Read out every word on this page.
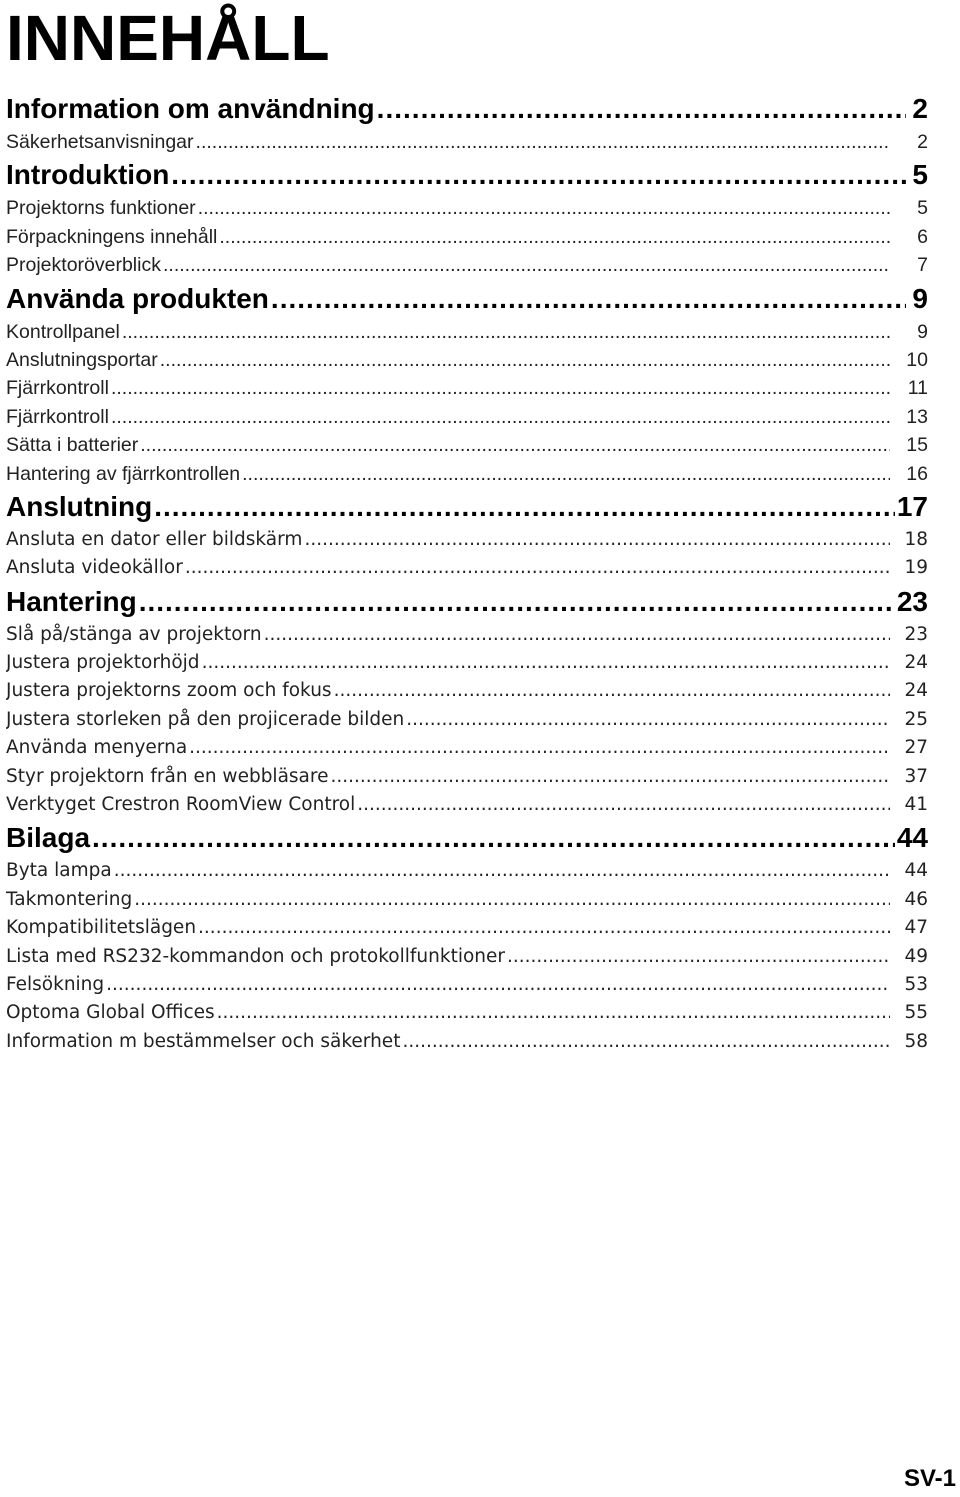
INNEHÅLL
Information om användning .....	2
Säkerhetsanvisningar .....	2
Introduktion .....	5
Projektorns funktioner .....	5
Förpackningens innehåll .....	6
Projektoröverblick .....	7
Använda produkten .....	9
Kontrollpanel .....	9
Anslutningsportar .....	10
Fjärrkontroll .....	11
Fjärrkontroll .....	13
Sätta i batterier .....	15
Hantering av fjärrkontrollen .....	16
Anslutning .....	17
Ansluta en dator eller bildskärm .....	18
Ansluta videokällor .....	19
Hantering .....	23
Slå på/stänga av projektorn .....	23
Justera projektorhöjd .....	24
Justera projektorns zoom och fokus .....	24
Justera storleken på den projicerade bilden .....	25
Använda menyerna .....	27
Styr projektorn från en webbläsare .....	37
Verktyget Crestron RoomView Control .....	41
Bilaga .....	44
Byta lampa .....	44
Takmontering .....	46
Kompatibilitetslägen .....	47
Lista med RS232-kommandon och protokollfunktioner .....	49
Felsökning .....	53
Optoma Global Offices .....	55
Information m bestämmelser och säkerhet .....	58
SV-1
